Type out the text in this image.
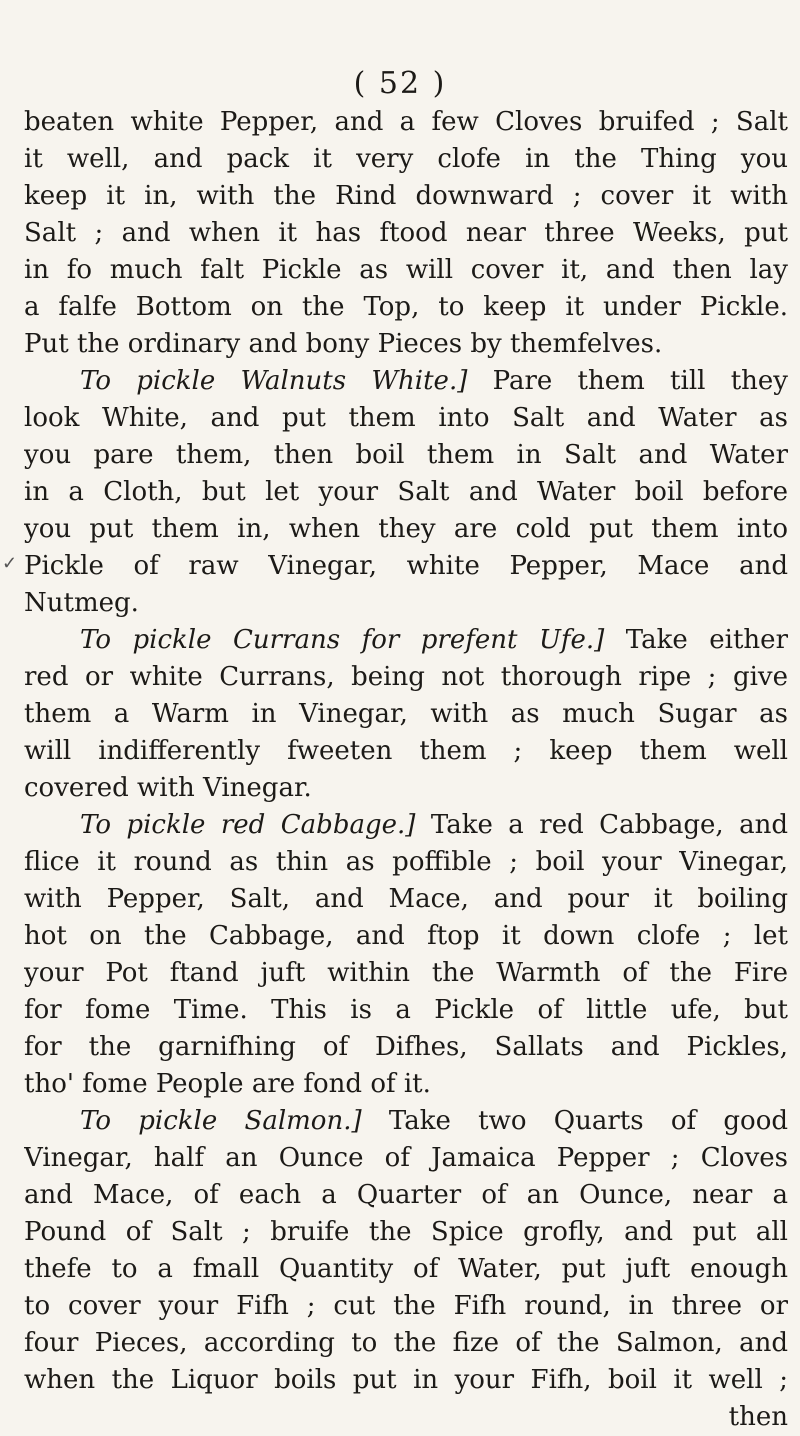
( 52 )
✓
beaten white Pepper, and a few Cloves bruifed ; Salt
it well, and pack it very clofe in the Thing you
keep it in, with the Rind downward ; cover it with
Salt ; and when it has ftood near three Weeks, put
in fo much falt Pickle as will cover it, and then lay
a falfe Bottom on the Top, to keep it under Pickle.
Put the ordinary and bony Pieces by themfelves.
To pickle Walnuts White.] Pare them till they
look White, and put them into Salt and Water as
you pare them, then boil them in Salt and Water
in a Cloth, but let your Salt and Water boil before
you put them in, when they are cold put them into
Pickle of raw Vinegar, white Pepper, Mace and
Nutmeg.
To pickle Currans for prefent Ufe.] Take either
red or white Currans, being not thorough ripe ; give
them a Warm in Vinegar, with as much Sugar as
will indifferently fweeten them ; keep them well
covered with Vinegar.
To pickle red Cabbage.] Take a red Cabbage, and
flice it round as thin as poffible ; boil your Vinegar,
with Pepper, Salt, and Mace, and pour it boiling
hot on the Cabbage, and ftop it down clofe ; let
your Pot ftand juft within the Warmth of the Fire
for fome Time. This is a Pickle of little ufe, but
for the garnifhing of Difhes, Sallats and Pickles,
tho' fome People are fond of it.
To pickle Salmon.] Take two Quarts of good
Vinegar, half an Ounce of Jamaica Pepper ; Cloves
and Mace, of each a Quarter of an Ounce, near a
Pound of Salt ; bruife the Spice grofly, and put all
thefe to a fmall Quantity of Water, put juft enough
to cover your Fifh ; cut the Fifh round, in three or
four Pieces, according to the fize of the Salmon, and
when the Liquor boils put in your Fifh, boil it well ;
then
